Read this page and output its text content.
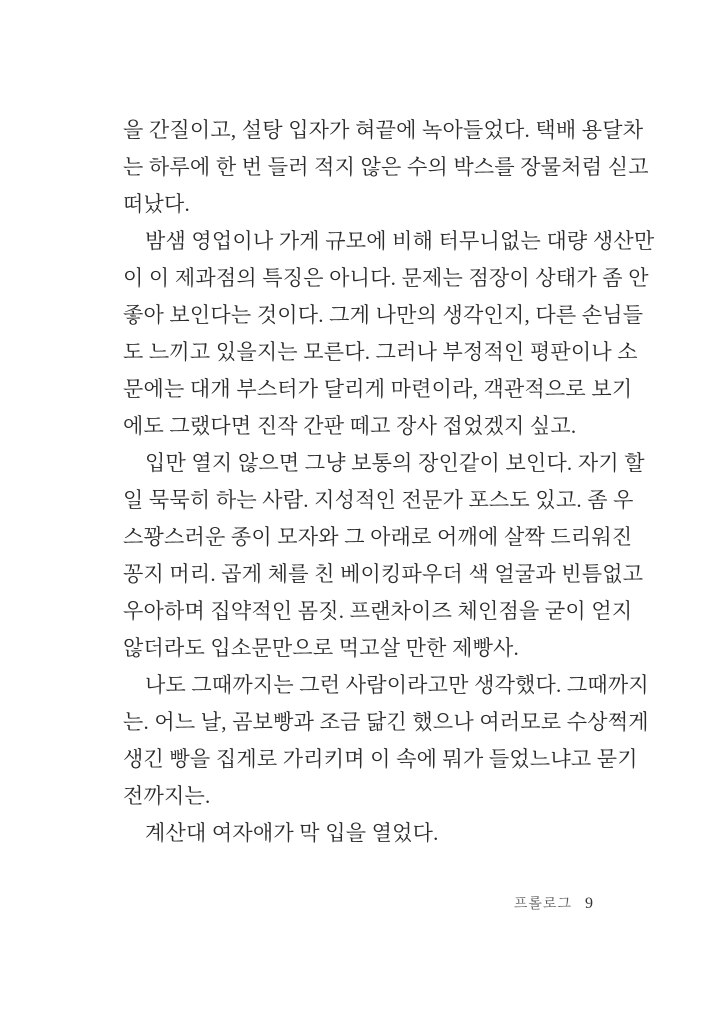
을 간질이고, 설탕 입자가 혀끝에 녹아들었다. 택배 용달차
는 하루에 한 번 들러 적지 않은 수의 박스를 장물처럼 싣고
떠났다.
밤샘 영업이나 가게 규모에 비해 터무니없는 대량 생산만
이 이 제과점의 특징은 아니다. 문제는 점장이 상태가 좀 안
좋아 보인다는 것이다. 그게 나만의 생각인지, 다른 손님들
도 느끼고 있을지는 모른다. 그러나 부정적인 평판이나 소
문에는 대개 부스터가 달리게 마련이라, 객관적으로 보기
에도 그랬다면 진작 간판 떼고 장사 접었겠지 싶고.
입만 열지 않으면 그냥 보통의 장인같이 보인다. 자기 할
일 묵묵히 하는 사람. 지성적인 전문가 포스도 있고. 좀 우
스꽝스러운 종이 모자와 그 아래로 어깨에 살짝 드리워진
꽁지 머리. 곱게 체를 친 베이킹파우더 색 얼굴과 빈틈없고
우아하며 집약적인 몸짓. 프랜차이즈 체인점을 굳이 얻지
않더라도 입소문만으로 먹고살 만한 제빵사.
나도 그때까지는 그런 사람이라고만 생각했다. 그때까지
는. 어느 날, 곰보빵과 조금 닮긴 했으나 여러모로 수상쩍게
생긴 빵을 집게로 가리키며 이 속에 뭐가 들었느냐고 묻기
전까지는.
계산대 여자애가 막 입을 열었다.
프롤로그 9
